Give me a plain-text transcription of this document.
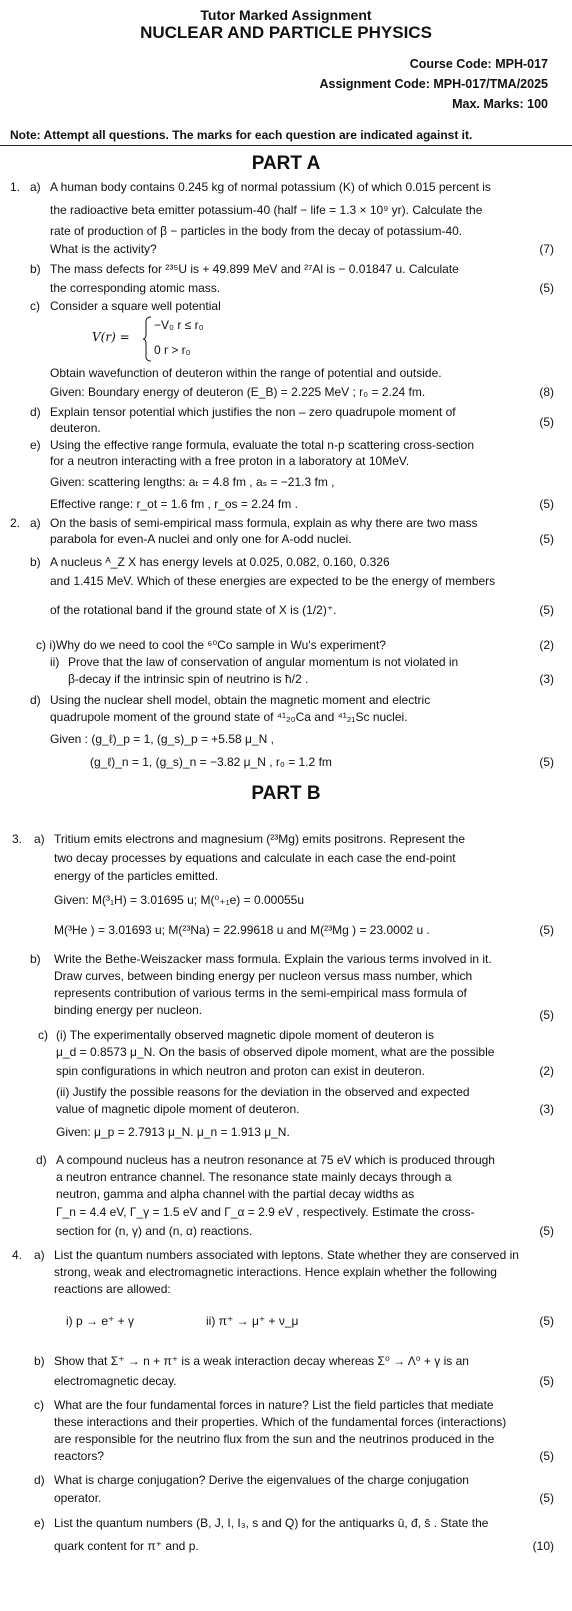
Tutor Marked Assignment
NUCLEAR AND PARTICLE PHYSICS
Course Code: MPH-017
Assignment Code: MPH-017/TMA/2025
Max. Marks: 100
Note: Attempt all questions. The marks for each question are indicated against it.
PART A
1. a) A human body contains 0.245 kg of normal potassium (K) of which 0.015 percent is
the radioactive beta emitter potassium-40 (half − life = 1.3 × 10⁹ yr). Calculate the
rate of production of β − particles in the body from the decay of potassium-40.
What is the activity?	(7)
b) The mass defects for ²³⁵U is + 49.899 MeV and ²⁷Al is − 0.01847 u. Calculate
the corresponding atomic mass.	(5)
c) Consider a square well potential
V(r) =
−V₀ r ≤ r₀
0 r > r₀
Obtain wavefunction of deuteron within the range of potential and outside.
Given: Boundary energy of deuteron (E_B) = 2.225 MeV ; r₀ = 2.24 fm.	(8)
d) Explain tensor potential which justifies the non – zero quadrupole moment of
deuteron.	(5)
e) Using the effective range formula, evaluate the total n-p scattering cross-section
for a neutron interacting with a free proton in a laboratory at 10MeV.
Given: scattering lengths: aₜ = 4.8 fm , aₛ = −21.3 fm ,
Effective range: r_ot = 1.6 fm , r_os = 2.24 fm .	(5)
2. a) On the basis of semi-empirical mass formula, explain as why there are two mass
parabola for even-A nuclei and only one for A-odd nuclei.	(5)
b) A nucleus ᴬ_Z X has energy levels at 0.025, 0.082, 0.160, 0.326
and 1.415 MeV. Which of these energies are expected to be the energy of members
of the rotational band if the ground state of X is (1/2)⁺.	(5)
c) i)Why do we need to cool the ⁶⁰Co sample in Wu's experiment?	(2)
ii) Prove that the law of conservation of angular momentum is not violated in
β-decay if the intrinsic spin of neutrino is ħ/2 .	(3)
d) Using the nuclear shell model, obtain the magnetic moment and electric
quadrupole moment of the ground state of ⁴¹₂₀Ca and ⁴¹₂₁Sc nuclei.
Given : (g_ℓ)_p = 1, (g_s)_p = +5.58 μ_N ,
(g_ℓ)_n = 1, (g_s)_n = −3.82 μ_N , r₀ = 1.2 fm	(5)
PART B
3. a) Tritium emits electrons and magnesium (²³Mg) emits positrons. Represent the
two decay processes by equations and calculate in each case the end-point
energy of the particles emitted.
Given: M(³₁H) = 3.01695 u; M(⁰₊₁e) = 0.00055u
M(³He ) = 3.01693 u; M(²³Na) = 22.99618 u and M(²³Mg ) = 23.0002 u .	(5)
b) Write the Bethe-Weiszacker mass formula. Explain the various terms involved in it.
Draw curves, between binding energy per nucleon versus mass number, which
represents contribution of various terms in the semi-empirical mass formula of
binding energy per nucleon.	(5)
c) (i) The experimentally observed magnetic dipole moment of deuteron is
μ_d = 0.8573 μ_N. On the basis of observed dipole moment, what are the possible
spin configurations in which neutron and proton can exist in deuteron.	(2)
(ii) Justify the possible reasons for the deviation in the observed and expected
value of magnetic dipole moment of deuteron.	(3)
Given: μ_p = 2.7913 μ_N. μ_n = 1.913 μ_N.
d) A compound nucleus has a neutron resonance at 75 eV which is produced through
a neutron entrance channel. The resonance state mainly decays through a
neutron, gamma and alpha channel with the partial decay widths as
Γ_n = 4.4 eV, Γ_γ = 1.5 eV and Γ_α = 2.9 eV , respectively. Estimate the cross-
section for (n, γ) and (n, α) reactions.	(5)
4. a) List the quantum numbers associated with leptons. State whether they are conserved in
strong, weak and electromagnetic interactions. Hence explain whether the following
reactions are allowed:
i) p → e⁺ + γ	ii) π⁺ → μ⁺ + ν_μ	(5)
b) Show that Σ⁺ → n + π⁺ is a weak interaction decay whereas Σ⁰ → Λ⁰ + γ is an
electromagnetic decay.	(5)
c) What are the four fundamental forces in nature? List the field particles that mediate
these interactions and their properties. Which of the fundamental forces (interactions)
are responsible for the neutrino flux from the sun and the neutrinos produced in the
reactors?	(5)
d) What is charge conjugation? Derive the eigenvalues of the charge conjugation
operator.	(5)
e) List the quantum numbers (B, J, I, I₃, s and Q) for the antiquarks ū, đ, s̄ . State the
quark content for π⁺ and p.	(10)
